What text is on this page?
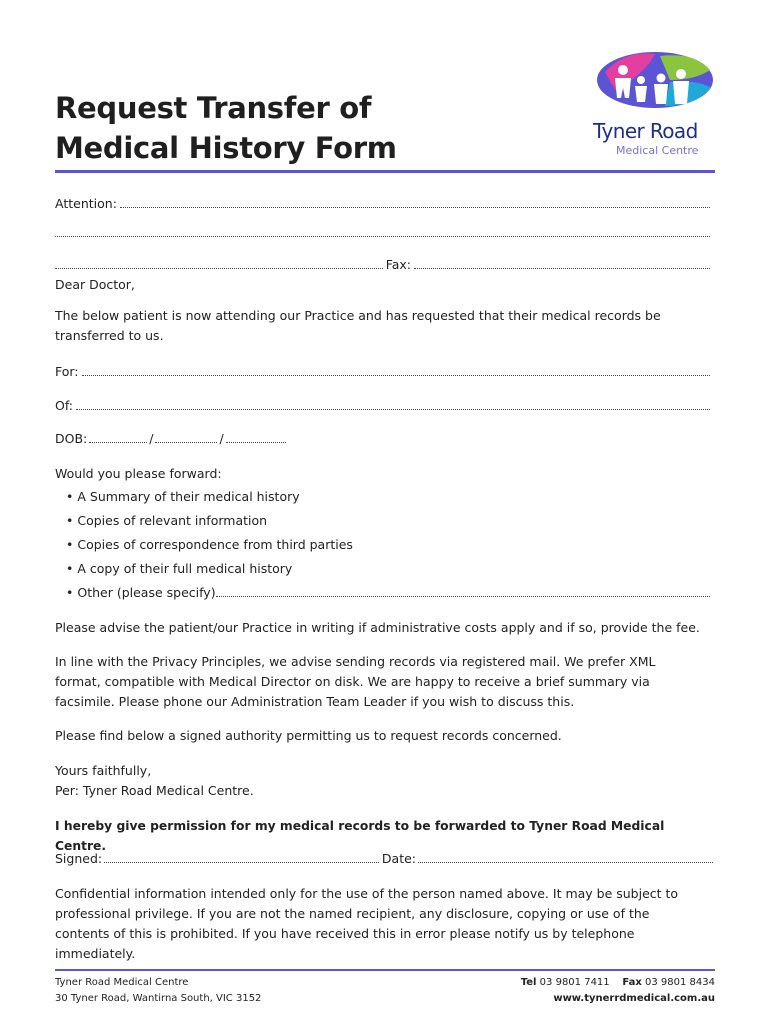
Request Transfer of
Medical History Form	Tyner Road
Medical Centre
Attention:
Fax:
Dear Doctor,
The below patient is now attending our Practice and has requested that their medical records be transferred to us.
For:
Of:
DOB:	/	/
Would you please forward:
• A Summary of their medical history
• Copies of relevant information
• Copies of correspondence from third parties
• A copy of their full medical history
• Other (please specify)
Please advise the patient/our Practice in writing if administrative costs apply and if so, provide the fee.
In line with the Privacy Principles, we advise sending records via registered mail. We prefer XML format, compatible with Medical Director on disk. We are happy to receive a brief summary via facsimile. Please phone our Administration Team Leader if you wish to discuss this.
Please find below a signed authority permitting us to request records concerned.
Yours faithfully,
Per: Tyner Road Medical Centre.
I hereby give permission for my medical records to be forwarded to Tyner Road Medical Centre.
Signed:	Date:
Confidential information intended only for the use of the person named above. It may be subject to professional privilege. If you are not the named recipient, any disclosure, copying or use of the contents of this is prohibited. If you have received this in error please notify us by telephone immediately.
Tyner Road Medical Centre
30 Tyner Road, Wantirna South, VIC 3152
Tel 03 9801 7411 Fax 03 9801 8434
www.tynerrdmedical.com.au
